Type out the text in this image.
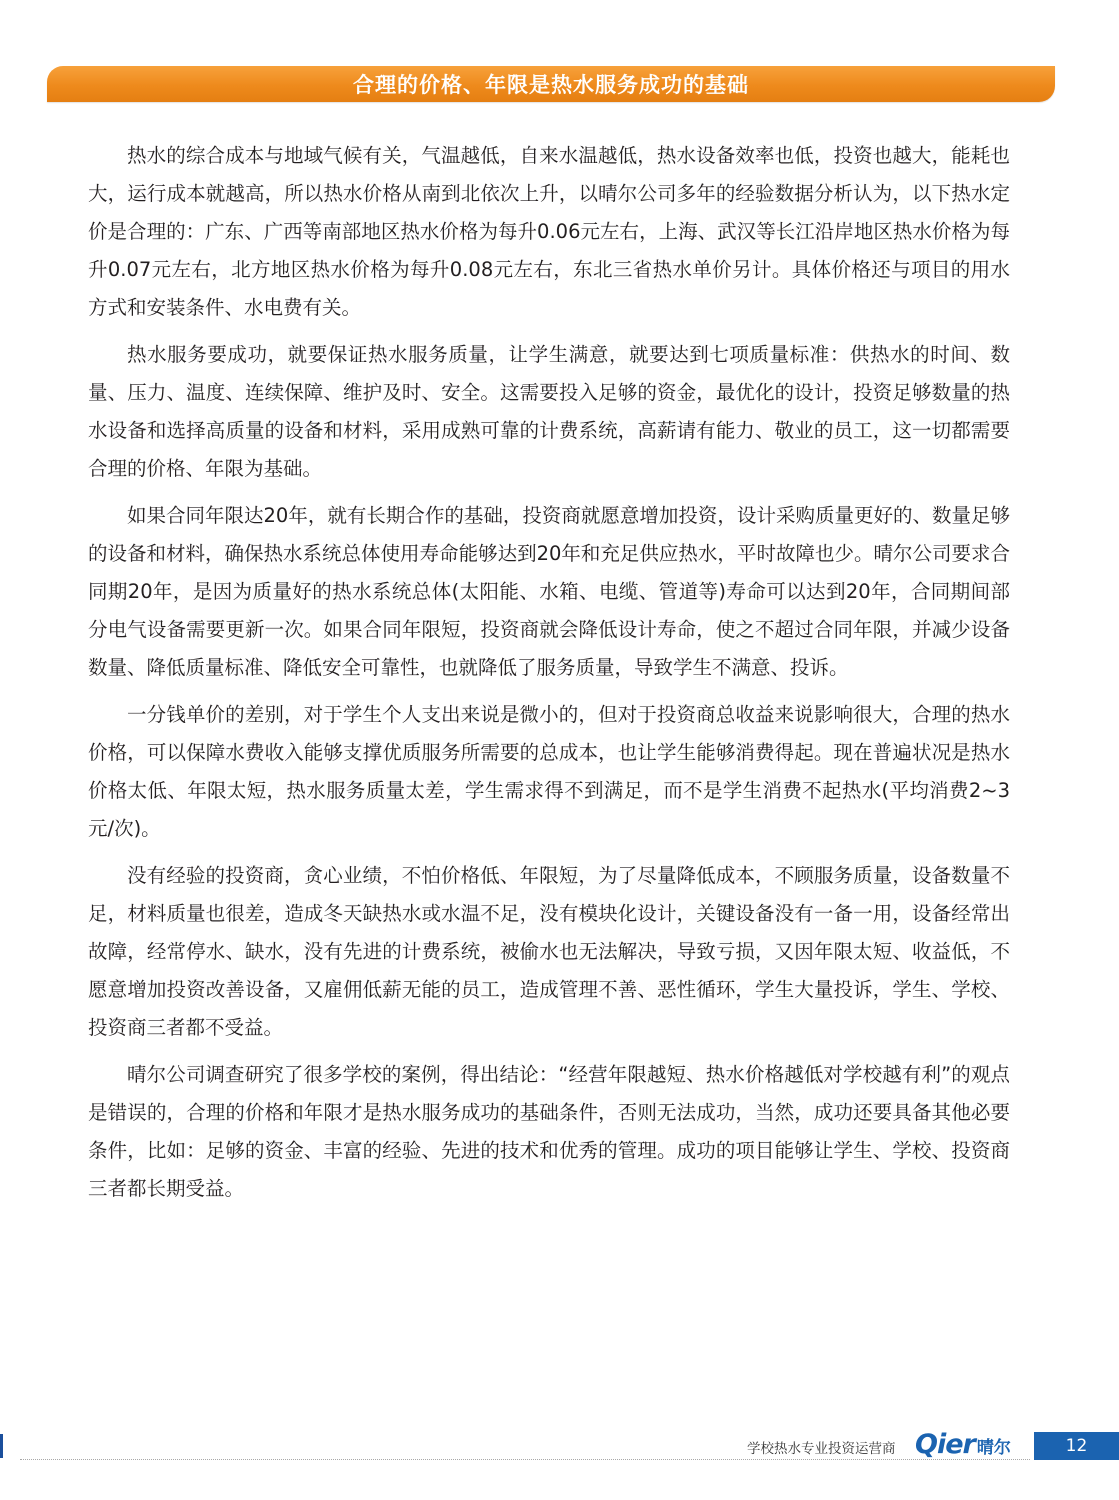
合理的价格、年限是热水服务成功的基础

热水的综合成本与地域气候有关，气温越低，自来水温越低，热水设备效率也低，投资也越大，能耗也大，运行成本就越高，所以热水价格从南到北依次上升，以晴尔公司多年的经验数据分析认为，以下热水定价是合理的：广东、广西等南部地区热水价格为每升0.06元左右，上海、武汉等长江沿岸地区热水价格为每升0.07元左右，北方地区热水价格为每升0.08元左右，东北三省热水单价另计。具体价格还与项目的用水方式和安装条件、水电费有关。

热水服务要成功，就要保证热水服务质量，让学生满意，就要达到七项质量标准：供热水的时间、数量、压力、温度、连续保障、维护及时、安全。这需要投入足够的资金，最优化的设计，投资足够数量的热水设备和选择高质量的设备和材料，采用成熟可靠的计费系统，高薪请有能力、敬业的员工，这一切都需要合理的价格、年限为基础。

如果合同年限达20年，就有长期合作的基础，投资商就愿意增加投资，设计采购质量更好的、数量足够的设备和材料，确保热水系统总体使用寿命能够达到20年和充足供应热水，平时故障也少。晴尔公司要求合同期20年，是因为质量好的热水系统总体(太阳能、水箱、电缆、管道等)寿命可以达到20年，合同期间部分电气设备需要更新一次。如果合同年限短，投资商就会降低设计寿命，使之不超过合同年限，并减少设备数量、降低质量标准、降低安全可靠性，也就降低了服务质量，导致学生不满意、投诉。

一分钱单价的差别，对于学生个人支出来说是微小的，但对于投资商总收益来说影响很大，合理的热水价格，可以保障水费收入能够支撑优质服务所需要的总成本，也让学生能够消费得起。现在普遍状况是热水价格太低、年限太短，热水服务质量太差，学生需求得不到满足，而不是学生消费不起热水(平均消费2~3元/次)。

没有经验的投资商，贪心业绩，不怕价格低、年限短，为了尽量降低成本，不顾服务质量，设备数量不足，材料质量也很差，造成冬天缺热水或水温不足，没有模块化设计，关键设备没有一备一用，设备经常出故障，经常停水、缺水，没有先进的计费系统，被偷水也无法解决，导致亏损，又因年限太短、收益低，不愿意增加投资改善设备，又雇佣低薪无能的员工，造成管理不善、恶性循环，学生大量投诉，学生、学校、投资商三者都不受益。

晴尔公司调查研究了很多学校的案例，得出结论：“经营年限越短、热水价格越低对学校越有利”的观点是错误的，合理的价格和年限才是热水服务成功的基础条件，否则无法成功，当然，成功还要具备其他必要条件，比如：足够的资金、丰富的经验、先进的技术和优秀的管理。成功的项目能够让学生、学校、投资商三者都长期受益。

学校热水专业投资运营商 Qier 晴尔	12
